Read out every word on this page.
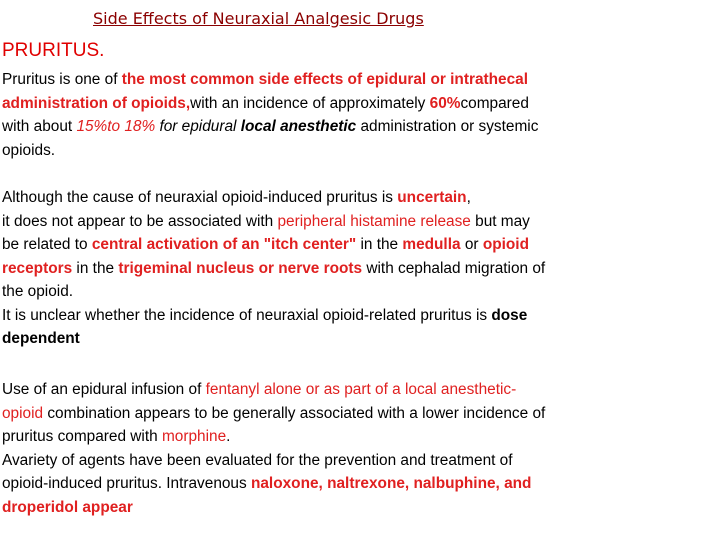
Side Effects of Neuraxial Analgesic Drugs
PRURITUS.
Pruritus is one of the most common side effects of epidural or intrathecal
administration of opioids,with an incidence of approximately 60%compared
with about 15%to 18% for epidural local anesthetic administration or systemic
opioids.
Although the cause of neuraxial opioid-induced pruritus is uncertain,
it does not appear to be associated with peripheral histamine release but may
be related to central activation of an "itch center" in the medulla or opioid
receptors in the trigeminal nucleus or nerve roots with cephalad migration of
the opioid.
It is unclear whether the incidence of neuraxial opioid-related pruritus is dose
dependent
Use of an epidural infusion of fentanyl alone or as part of a local anesthetic-
opioid combination appears to be generally associated with a lower incidence of
pruritus compared with morphine.
Avariety of agents have been evaluated for the prevention and treatment of
opioid-induced pruritus. Intravenous naloxone, naltrexone, nalbuphine, and
droperidol appear
